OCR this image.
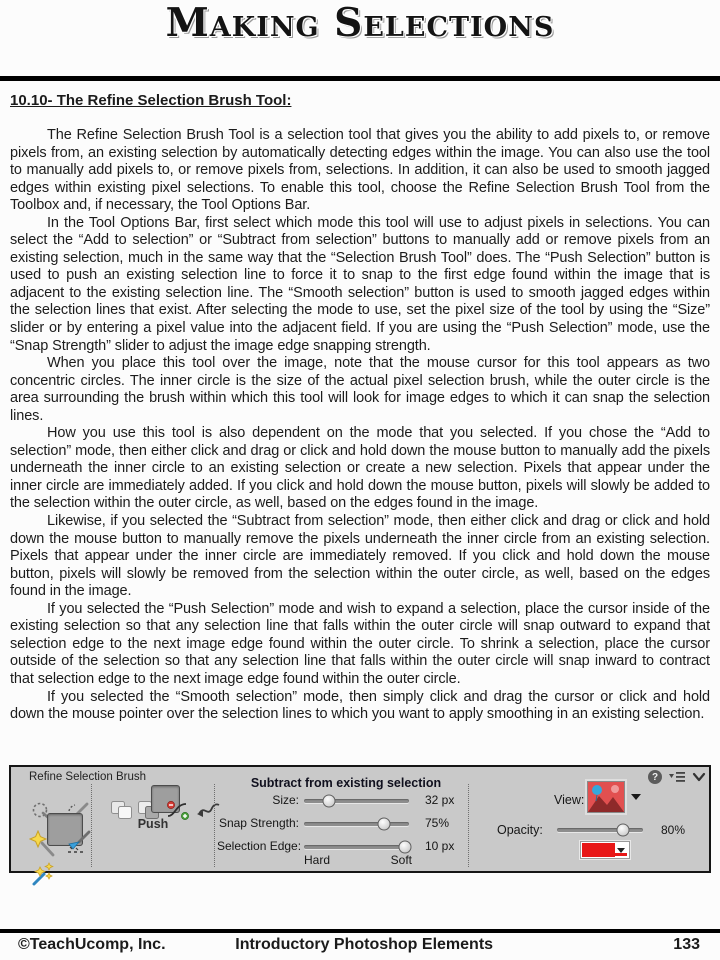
Making Selections
10.10- The Refine Selection Brush Tool:

The Refine Selection Brush Tool is a selection tool that gives you the ability to add pixels to, or remove pixels from, an existing selection by automatically detecting edges within the image. You can also use the tool to manually add pixels to, or remove pixels from, selections. In addition, it can also be used to smooth jagged edges within existing pixel selections. To enable this tool, choose the Refine Selection Brush Tool from the Toolbox and, if necessary, the Tool Options Bar.

In the Tool Options Bar, first select which mode this tool will use to adjust pixels in selections. You can select the “Add to selection” or “Subtract from selection” buttons to manually add or remove pixels from an existing selection, much in the same way that the “Selection Brush Tool” does. The “Push Selection” button is used to push an existing selection line to force it to snap to the first edge found within the image that is adjacent to the existing selection line. The “Smooth selection” button is used to smooth jagged edges within the selection lines that exist. After selecting the mode to use, set the pixel size of the tool by using the “Size” slider or by entering a pixel value into the adjacent field. If you are using the “Push Selection” mode, use the “Snap Strength” slider to adjust the image edge snapping strength.

When you place this tool over the image, note that the mouse cursor for this tool appears as two concentric circles. The inner circle is the size of the actual pixel selection brush, while the outer circle is the area surrounding the brush within which this tool will look for image edges to which it can snap the selection lines.

How you use this tool is also dependent on the mode that you selected. If you chose the “Add to selection” mode, then either click and drag or click and hold down the mouse button to manually add the pixels underneath the inner circle to an existing selection or create a new selection. Pixels that appear under the inner circle are immediately added. If you click and hold down the mouse button, pixels will slowly be added to the selection within the outer circle, as well, based on the edges found in the image.

Likewise, if you selected the “Subtract from selection” mode, then either click and drag or click and hold down the mouse button to manually remove the pixels underneath the inner circle from an existing selection. Pixels that appear under the inner circle are immediately removed. If you click and hold down the mouse button, pixels will slowly be removed from the selection within the outer circle, as well, based on the edges found in the image.

If you selected the “Push Selection” mode and wish to expand a selection, place the cursor inside of the existing selection so that any selection line that falls within the outer circle will snap outward to expand that selection edge to the next image edge found within the outer circle. To shrink a selection, place the cursor outside of the selection so that any selection line that falls within the outer circle will snap inward to contract that selection edge to the next image edge found within the outer circle.

If you selected the “Smooth selection” mode, then simply click and drag the cursor or click and hold down the mouse pointer over the selection lines to which you want to apply smoothing in an existing selection.

Refine Selection Brush
Push
Subtract from existing selection
Size:	32 px
Snap Strength:	75%
Selection Edge:	10 px
Hard	Soft
View:
Opacity:	80%
?
©TeachUcomp, Inc.	Introductory Photoshop Elements	133
